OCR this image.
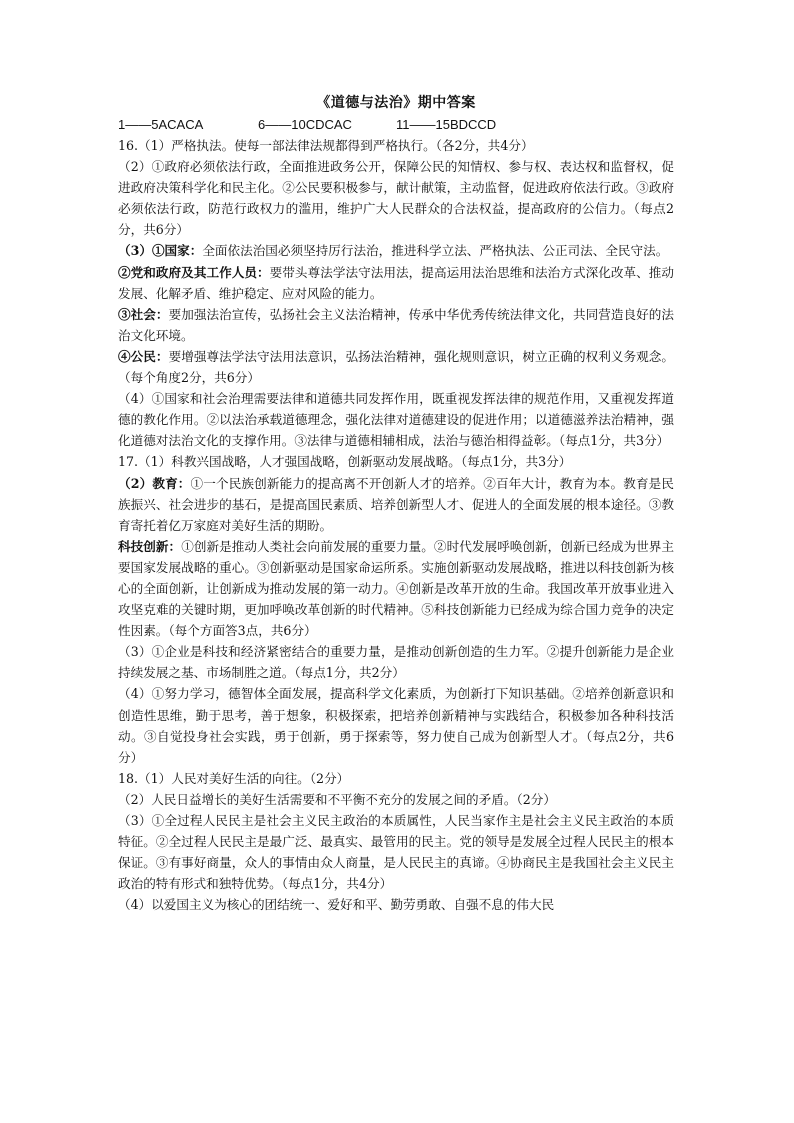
《道德与法治》期中答案

1——5ACACA	6——10CDCAC	11——15BDCCD

16.（1）严格执法。使每一部法律法规都得到严格执行。（各2分，共4分）

（2）①政府必须依法行政，全面推进政务公开，保障公民的知情权、参与权、表达权和监督权，促进政府决策科学化和民主化。②公民要积极参与，献计献策，主动监督，促进政府依法行政。③政府必须依法行政，防范行政权力的滥用，维护广大人民群众的合法权益，提高政府的公信力。（每点2分，共6分）

（3）①国家：全面依法治国必须坚持厉行法治，推进科学立法、严格执法、公正司法、全民守法。

②党和政府及其工作人员：要带头尊法学法守法用法，提高运用法治思维和法治方式深化改革、推动发展、化解矛盾、维护稳定、应对风险的能力。

③社会：要加强法治宣传，弘扬社会主义法治精神，传承中华优秀传统法律文化，共同营造良好的法治文化环境。

④公民：要增强尊法学法守法用法意识，弘扬法治精神，强化规则意识，树立正确的权利义务观念。（每个角度2分，共6分）

（4）①国家和社会治理需要法律和道德共同发挥作用，既重视发挥法律的规范作用，又重视发挥道德的教化作用。②以法治承载道德理念，强化法律对道德建设的促进作用；以道德滋养法治精神，强化道德对法治文化的支撑作用。③法律与道德相辅相成，法治与德治相得益彰。（每点1分，共3分）

17.（1）科教兴国战略，人才强国战略，创新驱动发展战略。（每点1分，共3分）

（2）教育：①一个民族创新能力的提高离不开创新人才的培养。②百年大计，教育为本。教育是民族振兴、社会进步的基石，是提高国民素质、培养创新型人才、促进人的全面发展的根本途径。③教育寄托着亿万家庭对美好生活的期盼。

科技创新：①创新是推动人类社会向前发展的重要力量。②时代发展呼唤创新，创新已经成为世界主要国家发展战略的重心。③创新驱动是国家命运所系。实施创新驱动发展战略，推进以科技创新为核心的全面创新，让创新成为推动发展的第一动力。④创新是改革开放的生命。我国改革开放事业进入攻坚克难的关键时期，更加呼唤改革创新的时代精神。⑤科技创新能力已经成为综合国力竞争的决定性因素。（每个方面答3点，共6分）

（3）①企业是科技和经济紧密结合的重要力量，是推动创新创造的生力军。②提升创新能力是企业持续发展之基、市场制胜之道。（每点1分，共2分）

（4）①努力学习，德智体全面发展，提高科学文化素质，为创新打下知识基础。②培养创新意识和创造性思维，勤于思考，善于想象，积极探索，把培养创新精神与实践结合，积极参加各种科技活动。③自觉投身社会实践，勇于创新，勇于探索等，努力使自己成为创新型人才。（每点2分，共6分）

18.（1）人民对美好生活的向往。（2分）

（2）人民日益增长的美好生活需要和不平衡不充分的发展之间的矛盾。（2分）

（3）①全过程人民民主是社会主义民主政治的本质属性，人民当家作主是社会主义民主政治的本质特征。②全过程人民民主是最广泛、最真实、最管用的民主。党的领导是发展全过程人民民主的根本保证。③有事好商量，众人的事情由众人商量，是人民民主的真谛。④协商民主是我国社会主义民主政治的特有形式和独特优势。（每点1分，共4分）

（4）以爱国主义为核心的团结统一、爱好和平、勤劳勇敢、自强不息的伟大民
